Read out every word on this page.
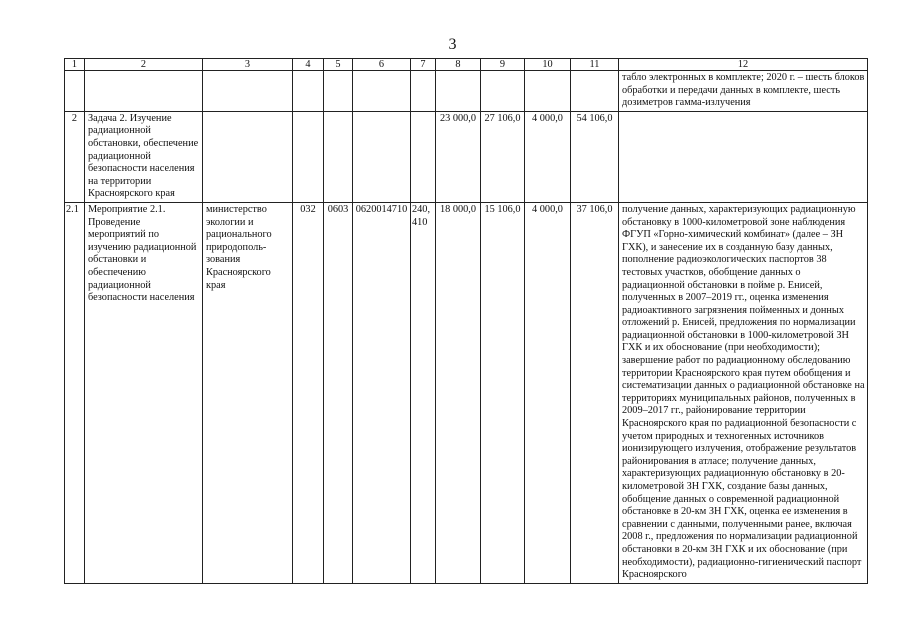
3
1	2	3	4	5	6	7	8	9	10	11	12
											табло электронных в комплекте; 2020 г. – шесть блоков обработки и передачи данных в комплекте, шесть дозиметров гамма-излучения
2	Задача 2. Изучение радиационной обстановки, обеспечение радиационной безопасности населения на территории Красноярского края						23 000,0	27 106,0	4 000,0	54 106,0	
2.1	Мероприятие 2.1. Проведение мероприятий по изучению радиационной обстановки и обеспечению радиационной безопасности населения	министерство экологии и рационального природополь- зования Красноярского края	032	0603	0620014710	240, 410	18 000,0	15 106,0	4 000,0	37 106,0	получение данных, характеризующих радиационную обстановку в 1000-километровой зоне наблюдения ФГУП «Горно-химический комбинат» (далее – ЗН ГХК), и занесение их в созданную базу данных, пополнение радиоэкологических паспортов 38 тестовых участков, обобщение данных о радиационной обстановки в пойме р. Енисей, полученных в 2007–2019 гг., оценка изменения радиоактивного загрязнения пойменных и донных отложений р. Енисей, предложения по нормализации радиационной обстановки в 1000-километровой ЗН ГХК и их обоснование (при необходимости); завершение работ по радиационному обследованию территории Красноярского края путем обобщения и систематизации данных о радиационной обстановке на территориях муниципальных районов, полученных в 2009–2017 гг., районирование территории Красноярского края по радиационной безопасности с учетом природных и техногенных источников ионизирующего излучения, отображение результатов районирования в атласе; получение данных, характеризующих радиационную обстановку в 20-километровой ЗН ГХК, создание базы данных, обобщение данных о современной радиационной обстановке в 20-км ЗН ГХК, оценка ее изменения в сравнении с данными, полученными ранее, включая 2008 г., предложения по нормализации радиационной обстановки в 20-км ЗН ГХК и их обоснование (при необходимости), радиационно-гигиенический паспорт Красноярского
